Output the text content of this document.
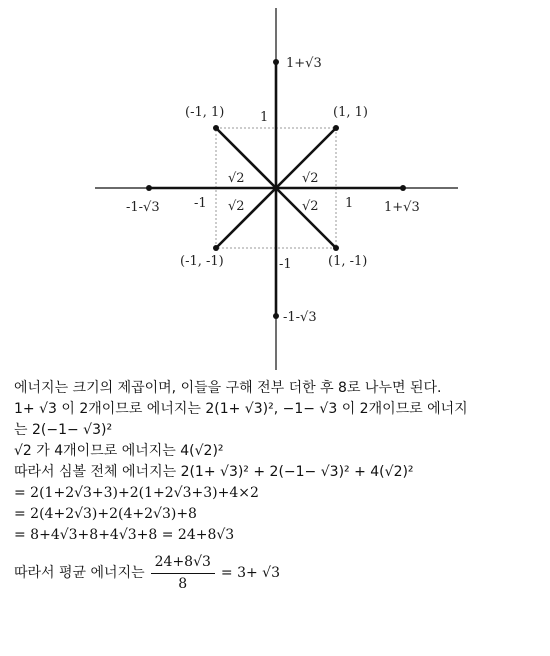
1+√3
-1-√3
-1-√3	1+√3
(-1, 1)	(1, 1)
(-1, -1)	(1, -1)
1
1
-1
-1
√2	√2
√2	√2
에너지는 크기의 제곱이며, 이들을 구해 전부 더한 후 8로 나누면 된다.
1+ √3 이 2개이므로 에너지는 2(1+ √3)², −1− √3 이 2개이므로 에너지
는 2(−1− √3)²
√2 가 4개이므로 에너지는 4(√2)²
따라서 심볼 전체 에너지는 2(1+ √3)² + 2(−1− √3)² + 4(√2)²
= 2(1+2√3+3)+2(1+2√3+3)+4×2
= 2(4+2√3)+2(4+2√3)+8
= 8+4√3+8+4√3+8 = 24+8√3
따라서 평균 에너지는 $\frac{24+8√3}{8} = 3+ √3$
